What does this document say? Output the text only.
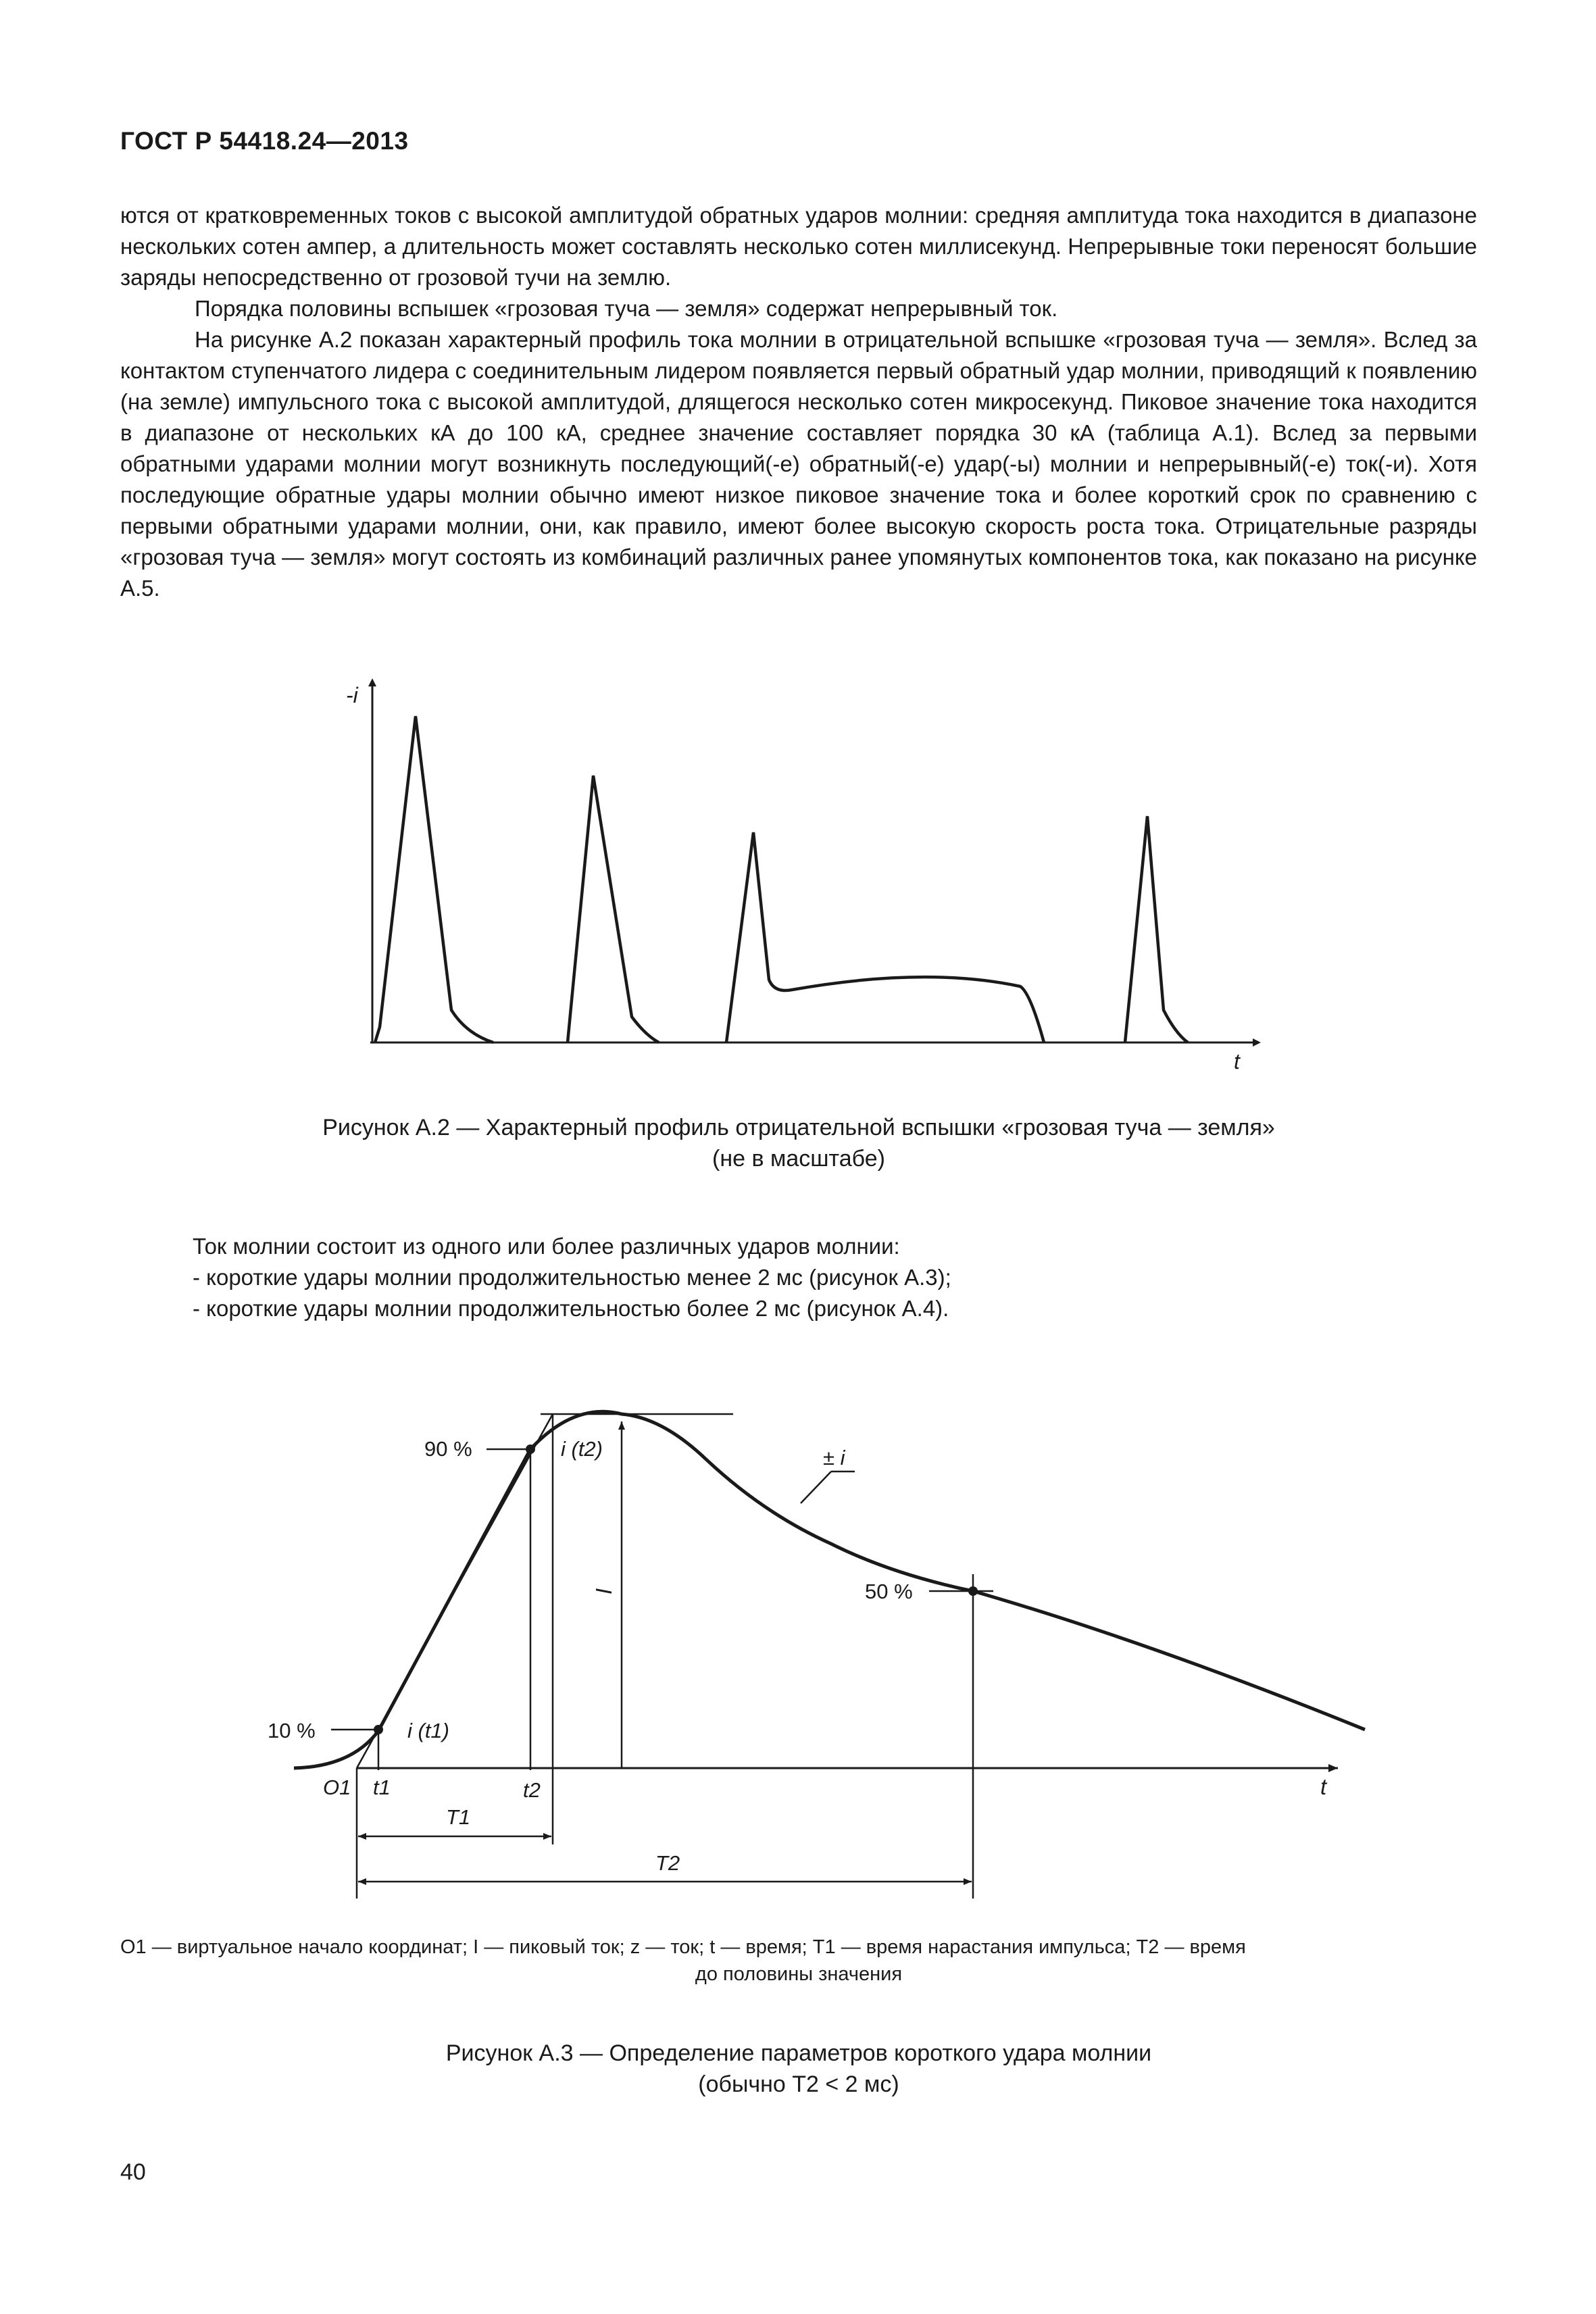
ГОСТ Р 54418.24—2013

ются от кратковременных токов с высокой амплитудой обратных ударов молнии: средняя амплитуда тока находится в диапазоне нескольких сотен ампер, а длительность может составлять несколько сотен миллисекунд. Непрерывные токи переносят большие заряды непосредственно от грозовой тучи на землю.

Порядка половины вспышек «грозовая туча — земля» содержат непрерывный ток.

На рисунке А.2 показан характерный профиль тока молнии в отрицательной вспышке «грозовая туча — земля». Вслед за контактом ступенчатого лидера с соединительным лидером появляется первый обратный удар молнии, приводящий к появлению (на земле) импульсного тока с высокой амплитудой, длящегося несколько сотен микросекунд. Пиковое значение тока находится в диапазоне от нескольких кА до 100 кА, среднее значение составляет порядка 30 кА (таблица А.1). Вслед за первыми обратными ударами молнии могут возникнуть последующий(-е) обратный(-е) удар(-ы) молнии и непрерывный(-е) ток(-и). Хотя последующие обратные удары молнии обычно имеют низкое пиковое значение тока и более короткий срок по сравнению с первыми обратными ударами молнии, они, как правило, имеют более высокую скорость роста тока. Отрицательные разряды «грозовая туча — земля» могут состоять из комбинаций различных ранее упомянутых компонентов тока, как показано на рисунке А.5.

-i
t
Рисунок А.2 — Характерный профиль отрицательной вспышки «грозовая туча — земля»
(не в масштабе)
Ток молнии состоит из одного или более различных ударов молнии:
- короткие удары молнии продолжительностью менее 2 мс (рисунок А.3);
- короткие удары молнии продолжительностью более 2 мс (рисунок А.4).
90 %	i (t2)	± i
I	50 %
10 %	i (t1)
O1 t1	t2	t
T1
T2
O1 — виртуальное начало координат; I — пиковый ток; z — ток; t — время; T1 — время нарастания импульса; T2 — время
до половины значения
Рисунок А.3 — Определение параметров короткого удара молнии
(обычно T2 < 2 мс)
40
